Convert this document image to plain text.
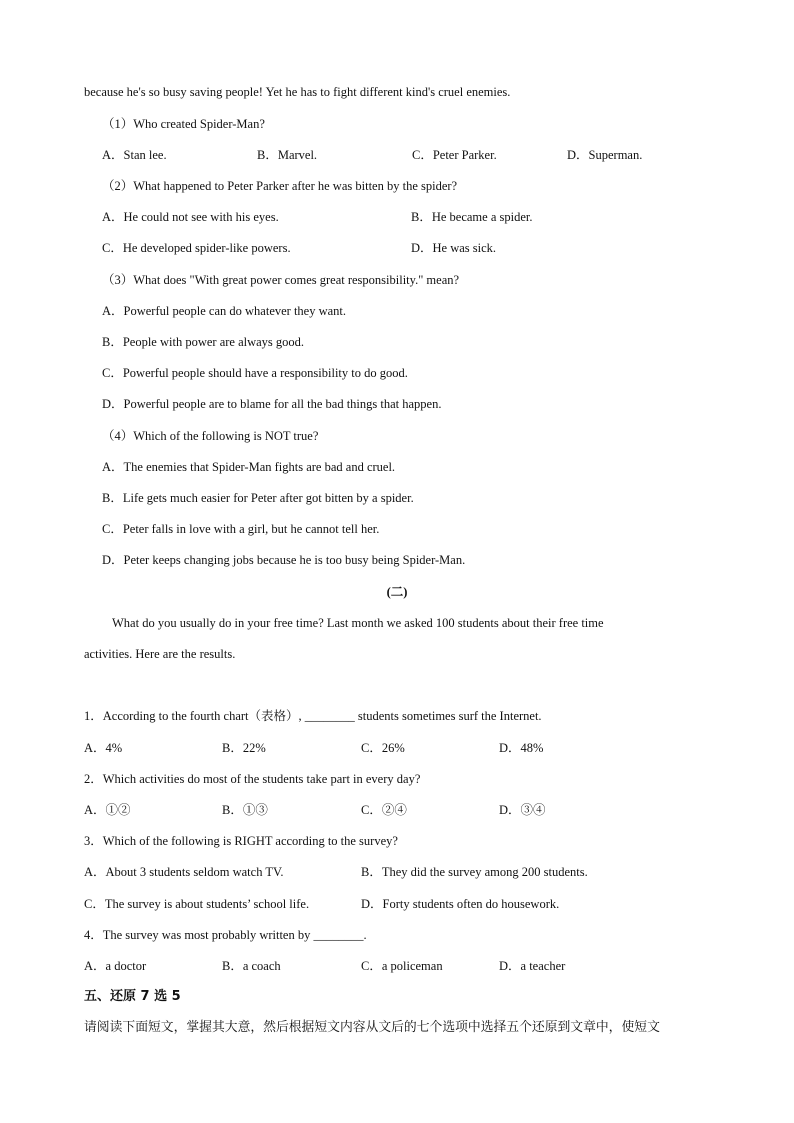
because he's so busy saving people! Yet he has to fight different kind's cruel enemies.
（1）Who created Spider-Man?
A．Stan lee.	B．Marvel.	C．Peter Parker.	D．Superman.
（2）What happened to Peter Parker after he was bitten by the spider?
A．He could not see with his eyes.	B．He became a spider.
C．He developed spider-like powers.	D．He was sick.
（3）What does "With great power comes great responsibility." mean?
A．Powerful people can do whatever they want.
B．People with power are always good.
C．Powerful people should have a responsibility to do good.
D．Powerful people are to blame for all the bad things that happen.
（4）Which of the following is NOT true?
A．The enemies that Spider-Man fights are bad and cruel.
B．Life gets much easier for Peter after got bitten by a spider.
C．Peter falls in love with a girl, but he cannot tell her.
D．Peter keeps changing jobs because he is too busy being Spider-Man.
(二)
What do you usually do in your free time? Last month we asked 100 students about their free time
activities. Here are the results.
1．According to the fourth chart（表格）, ________ students sometimes surf the Internet.
A．4%	B．22%	C．26%	D．48%
2．Which activities do most of the students take part in every day?
A．①②	B．①③	C．②④	D．③④
3．Which of the following is RIGHT according to the survey?
A．About 3 students seldom watch TV.	B．They did the survey among 200 students.
C．The survey is about students’ school life.	D．Forty students often do housework.
4．The survey was most probably written by ________.
A．a doctor	B．a coach	C．a policeman	D．a teacher
五、还原 7 选 5
请阅读下面短文，掌握其大意，然后根据短文内容从文后的七个选项中选择五个还原到文章中，使短文
